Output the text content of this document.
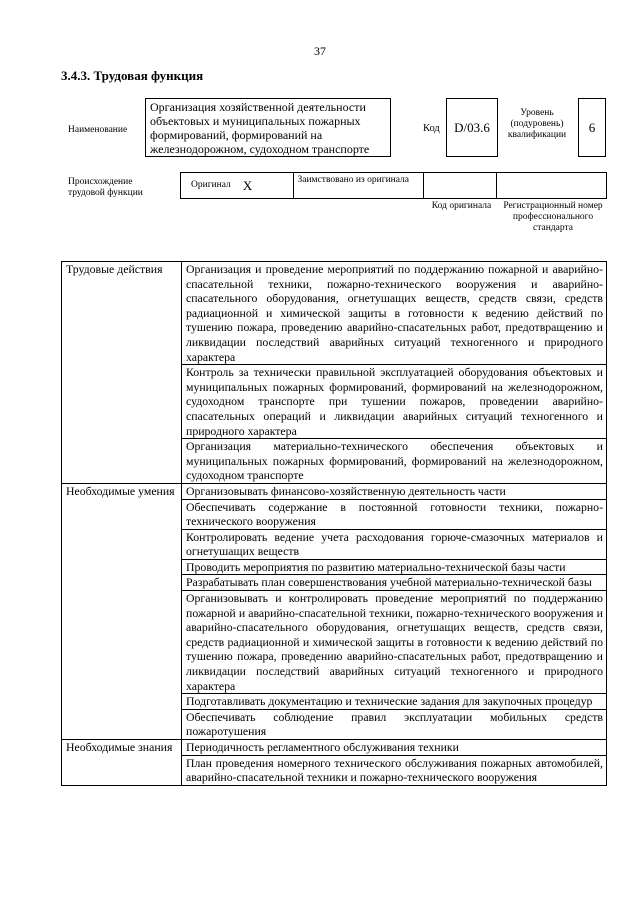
37
3.4.3. Трудовая функция
Наименование
Организация хозяйственной деятельности объектовых и муниципальных пожарных формирований, формирований на железнодорожном, судоходном транспорте
Код D/03.6
Уровень (подуровень) квалификации
6
Происхождение трудовой функции
Оригинал X	Заимствовано из оригинала
Код оригинала	Регистрационный номер профессионального стандарта
Трудовые действия	Организация и проведение мероприятий по поддержанию пожарной и аварийно-спасательной техники, пожарно-технического вооружения и аварийно-спасательного оборудования, огнетушащих веществ, средств связи, средств радиационной и химической защиты в готовности к ведению действий по тушению пожара, проведению аварийно-спасательных работ, предотвращению и ликвидации последствий аварийных ситуаций техногенного и природного характера
	Контроль за технически правильной эксплуатацией оборудования объектовых и муниципальных пожарных формирований, формирований на железнодорожном, судоходном транспорте при тушении пожаров, проведении аварийно-спасательных операций и ликвидации аварийных ситуаций техногенного и природного характера
	Организация материально-технического обеспечения объектовых и муниципальных пожарных формирований, формирований на железнодорожном, судоходном транспорте
Необходимые умения	Организовывать финансово-хозяйственную деятельность части
	Обеспечивать содержание в постоянной готовности техники, пожарно-технического вооружения
	Контролировать ведение учета расходования горюче-смазочных материалов и огнетушащих веществ
	Проводить мероприятия по развитию материально-технической базы части
	Разрабатывать план совершенствования учебной материально-технической базы
	Организовывать и контролировать проведение мероприятий по поддержанию пожарной и аварийно-спасательной техники, пожарно-технического вооружения и аварийно-спасательного оборудования, огнетушащих веществ, средств связи, средств радиационной и химической защиты в готовности к ведению действий по тушению пожара, проведению аварийно-спасательных работ, предотвращению и ликвидации последствий аварийных ситуаций техногенного и природного характера
	Подготавливать документацию и технические задания для закупочных процедур
	Обеспечивать соблюдение правил эксплуатации мобильных средств пожаротушения
Необходимые знания	Периодичность регламентного обслуживания техники
	План проведения номерного технического обслуживания пожарных автомобилей, аварийно-спасательной техники и пожарно-технического вооружения
